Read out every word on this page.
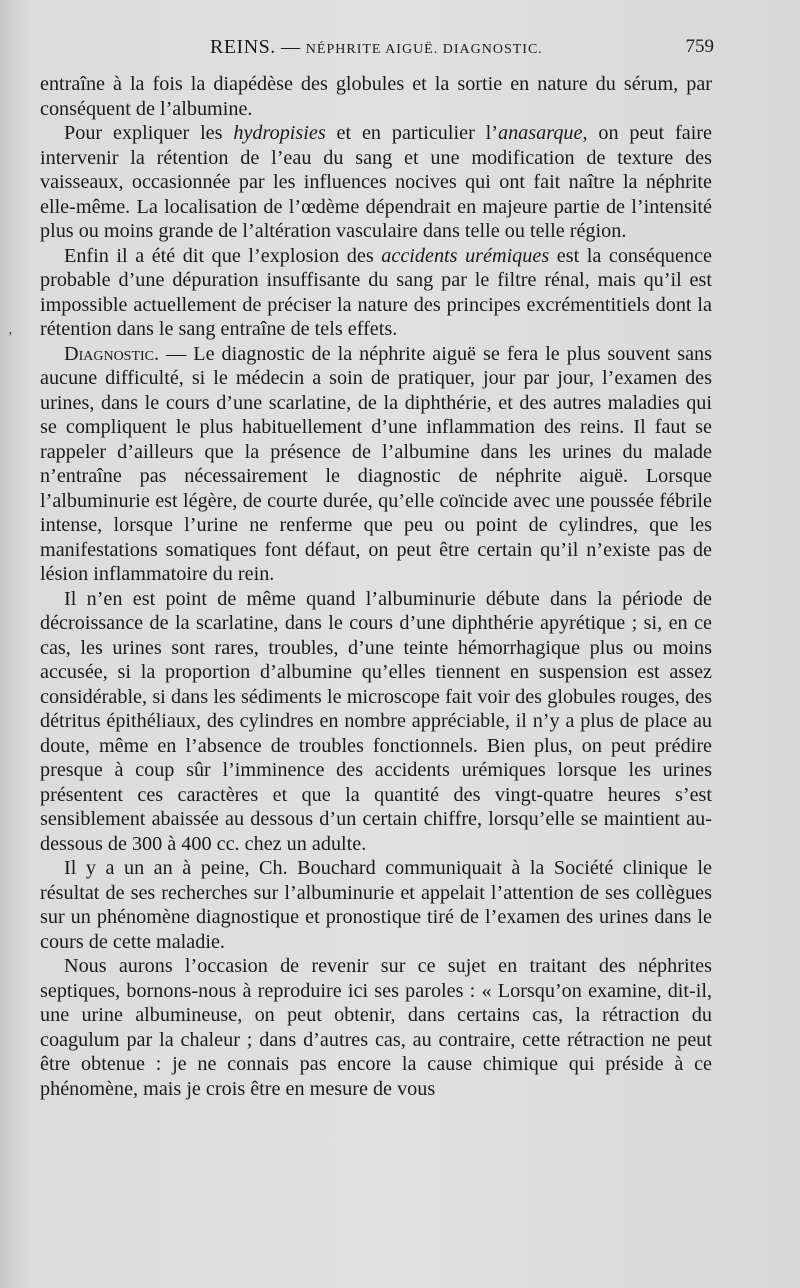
REINS. — NÉPHRITE AIGUË. DIAGNOSTIC.	759

entraîne à la fois la diapédèse des globules et la sortie en nature du sérum, par conséquent de l’albumine.

Pour expliquer les hydropisies et en particulier l’anasarque, on peut faire intervenir la rétention de l’eau du sang et une modification de texture des vaisseaux, occasionnée par les influences nocives qui ont fait naître la néphrite elle-même. La localisation de l’œdème dépendrait en majeure partie de l’intensité plus ou moins grande de l’altération vasculaire dans telle ou telle région.

Enfin il a été dit que l’explosion des accidents urémiques est la conséquence probable d’une dépuration insuffisante du sang par le filtre rénal, mais qu’il est impossible actuellement de préciser la nature des principes excrémentitiels dont la rétention dans le sang entraîne de tels effets.

Diagnostic. — Le diagnostic de la néphrite aiguë se fera le plus souvent sans aucune difficulté, si le médecin a soin de pratiquer, jour par jour, l’examen des urines, dans le cours d’une scarlatine, de la diphthérie, et des autres maladies qui se compliquent le plus habituellement d’une inflammation des reins. Il faut se rappeler d’ailleurs que la présence de l’albumine dans les urines du malade n’entraîne pas nécessairement le diagnostic de néphrite aiguë. Lorsque l’albuminurie est légère, de courte durée, qu’elle coïncide avec une poussée fébrile intense, lorsque l’urine ne renferme que peu ou point de cylindres, que les manifestations somatiques font défaut, on peut être certain qu’il n’existe pas de lésion inflammatoire du rein.

Il n’en est point de même quand l’albuminurie débute dans la période de décroissance de la scarlatine, dans le cours d’une diphthérie apyrétique ; si, en ce cas, les urines sont rares, troubles, d’une teinte hémorrhagique plus ou moins accusée, si la proportion d’albumine qu’elles tiennent en suspension est assez considérable, si dans les sédiments le microscope fait voir des globules rouges, des détritus épithéliaux, des cylindres en nombre appréciable, il n’y a plus de place au doute, même en l’absence de troubles fonctionnels. Bien plus, on peut prédire presque à coup sûr l’imminence des accidents urémiques lorsque les urines présentent ces caractères et que la quantité des vingt-quatre heures s’est sensiblement abaissée au dessous d’un certain chiffre, lorsqu’elle se maintient au-dessous de 300 à 400 cc. chez un adulte.

Il y a un an à peine, Ch. Bouchard communiquait à la Société clinique le résultat de ses recherches sur l’albuminurie et appelait l’attention de ses collègues sur un phénomène diagnostique et pronostique tiré de l’examen des urines dans le cours de cette maladie.

Nous aurons l’occasion de revenir sur ce sujet en traitant des néphrites septiques, bornons-nous à reproduire ici ses paroles : « Lorsqu’on examine, dit-il, une urine albumineuse, on peut obtenir, dans certains cas, la rétraction du coagulum par la chaleur ; dans d’autres cas, au contraire, cette rétraction ne peut être obtenue : je ne connais pas encore la cause chimique qui préside à ce phénomène, mais je crois être en mesure de vous

’
